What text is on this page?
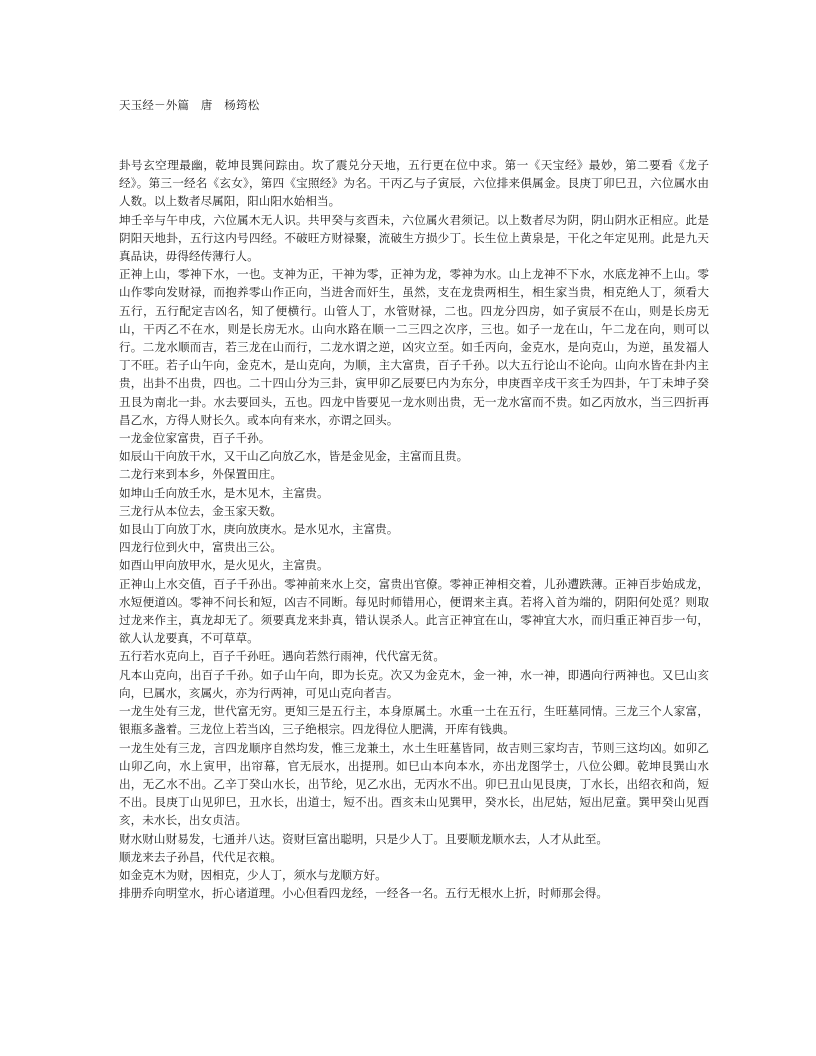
天玉经－外篇　唐　杨筠松

卦号玄空理最幽，乾坤艮巽问踪由。坎了震兑分天地，五行更在位中求。第一《天宝经》最妙，第二要看《龙子经》。第三一经名《玄女》，第四《宝照经》为名。干丙乙与子寅辰，六位排来俱属金。艮庚丁卯巳丑，六位属水由人数。以上数者尽属阳，阳山阳水始相当。

坤壬辛与午申戌，六位属木无人识。共甲癸与亥酉未，六位属火君须记。以上数者尽为阴，阴山阴水正相应。此是阴阳天地卦，五行这内号四经。不破旺方财禄聚，流破生方损少丁。长生位上黄泉是，干化之年定见刑。此是九天真品诀，毋得经传薄行人。

正神上山，零神下水，一也。支神为正，干神为零，正神为龙，零神为水。山上龙神不下水，水底龙神不上山。零山作零向发财禄，而抱养零山作正向，当进舍而奸生，虽然，支在龙贵两相生，相生家当贵，相克绝人丁，须看大五行，五行配定吉凶名，知了便横行。山管人丁，水管财禄，二也。四龙分四房，如子寅辰不在山，则是长房无山，干丙乙不在水，则是长房无水。山向水路在顺一二三四之次序，三也。如子一龙在山，午二龙在向，则可以行。二龙水顺而吉，若三龙在山而行，二龙水谓之逆，凶灾立至。如壬丙向，金克水，是向克山，为逆，虽发福人丁不旺。若子山午向，金克木，是山克向，为顺，主大富贵，百子千孙。以大五行论山不论向。山向水皆在卦内主贵，出卦不出贵，四也。二十四山分为三卦，寅甲卯乙辰要巳内为东分，申庚酉辛戌干亥壬为四卦，午丁未坤子癸丑艮为南北一卦。水去要回头，五也。四龙中皆要见一龙水则出贵，无一龙水富而不贵。如乙丙放水，当三四折再昌乙水，方得人财长久。或本向有来水，亦谓之回头。

一龙金位家富贵，百子千孙。

如辰山干向放干水，又干山乙向放乙水，皆是金见金，主富而且贵。

二龙行来到本乡，外保置田庄。

如坤山壬向放壬水，是木见木，主富贵。

三龙行从本位去，金玉家天数。

如艮山丁向放丁水，庚向放庚水。是水见水，主富贵。

四龙行位到火中，富贵出三公。

如酉山甲向放甲水，是火见火，主富贵。

正神山上水交值，百子千孙出。零神前来水上交，富贵出官僚。零神正神相交着，儿孙遭跌薄。正神百步始成龙，水短便道凶。零神不问长和短，凶吉不同断。每见时师错用心，便谓来主真。若将入首为端的，阴阳何处觅？则取过龙来作主，真龙却无了。须要真龙来卦真，错认误杀人。此言正神宜在山，零神宜大水，而归重正神百步一句，欲人认龙要真，不可草草。

五行若水克向上，百子千孙旺。遇向若然行雨神，代代富无贫。

凡本山克向，出百子千孙。如子山午向，即为长克。次又为金克木，金一神，水一神，即遇向行两神也。又巳山亥向，巳属水，亥属火，亦为行两神，可见山克向者吉。

一龙生处有三龙，世代富无穷。更知三是五行主，本身原属土。水重一土在五行，生旺墓同情。三龙三个人家富，银瓶多盏着。三龙位上若当凶，三子绝根宗。四龙得位人肥满，开库有钱典。

一龙生处有三龙，言四龙顺序自然均发，惟三龙兼土，水土生旺墓皆同，故吉则三家均吉，节则三这均凶。如卯乙山卯乙向，水上寅甲，出帘幕，官无辰水，出提刑。如巳山本向本水，亦出龙图学士，八位公卿。乾坤艮巽山水出，无乙水不出。乙辛丁癸山水长，出节纶，见乙水出，无丙水不出。卯巳丑山见艮庚，丁水长，出绍衣和尚，短不出。艮庚丁山见卯巳，丑水长，出道士，短不出。酉亥未山见巽甲，癸水长，出尼姑，短出尼童。巽甲癸山见酉亥，未水长，出女贞洁。

财水财山财易发，七通并八达。资财巨富出聪明，只是少人丁。且要顺龙顺水去，人才从此至。

顺龙来去子孙昌，代代足衣粮。

如金克木为财，因相克，少人丁，须水与龙顺方好。

排册乔向明堂水，折心诸道理。小心但看四龙经，一经各一名。五行无根水上折，时师那会得。
